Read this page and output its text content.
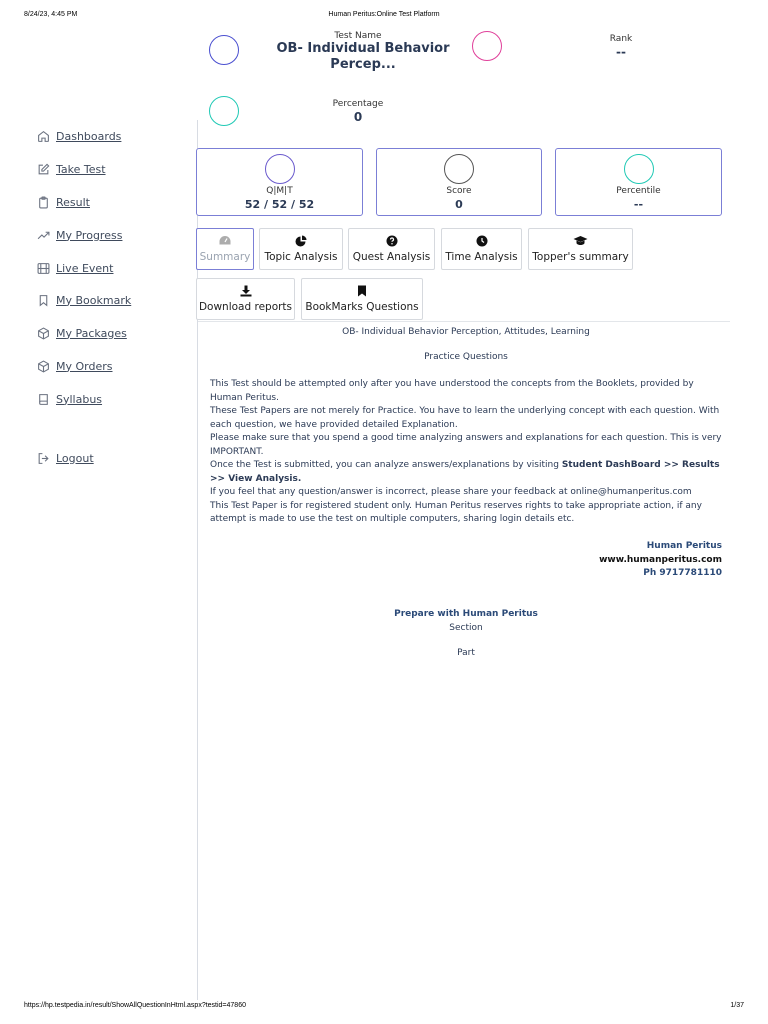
8/24/23, 4:45 PM	Human Peritus:Online Test Platform
https://hp.testpedia.in/result/ShowAllQuestionInHtml.aspx?testid=47860	1/37
Dashboards
Take Test
Result
My Progress
Live Event
My Bookmark
My Packages
My Orders
Syllabus
Logout
Test Name
OB- Individual Behavior Percep...
Rank
--
Percentage
0
Q|M|T
52 / 52 / 52
Score
0
Percentile
--
Summary	Topic Analysis	Quest Analysis	Time Analysis	Topper's summary
Download reports	BookMarks Questions
OB- Individual Behavior Perception, Attitudes, Learning
Practice Questions

This Test should be attempted only after you have understood the concepts from the Booklets, provided by Human Peritus.

These Test Papers are not merely for Practice. You have to learn the underlying concept with each question. With each question, we have provided detailed Explanation.

Please make sure that you spend a good time analyzing answers and explanations for each question. This is very IMPORTANT.

Once the Test is submitted, you can analyze answers/explanations by visiting Student DashBoard >> Results >> View Analysis.

If you feel that any question/answer is incorrect, please share your feedback at online@humanperitus.com

This Test Paper is for registered student only. Human Peritus reserves rights to take appropriate action, if any attempt is made to use the test on multiple computers, sharing login details etc.

Human Peritus
www.humanperitus.com
Ph 9717781110
Prepare with Human Peritus
Section
Part
